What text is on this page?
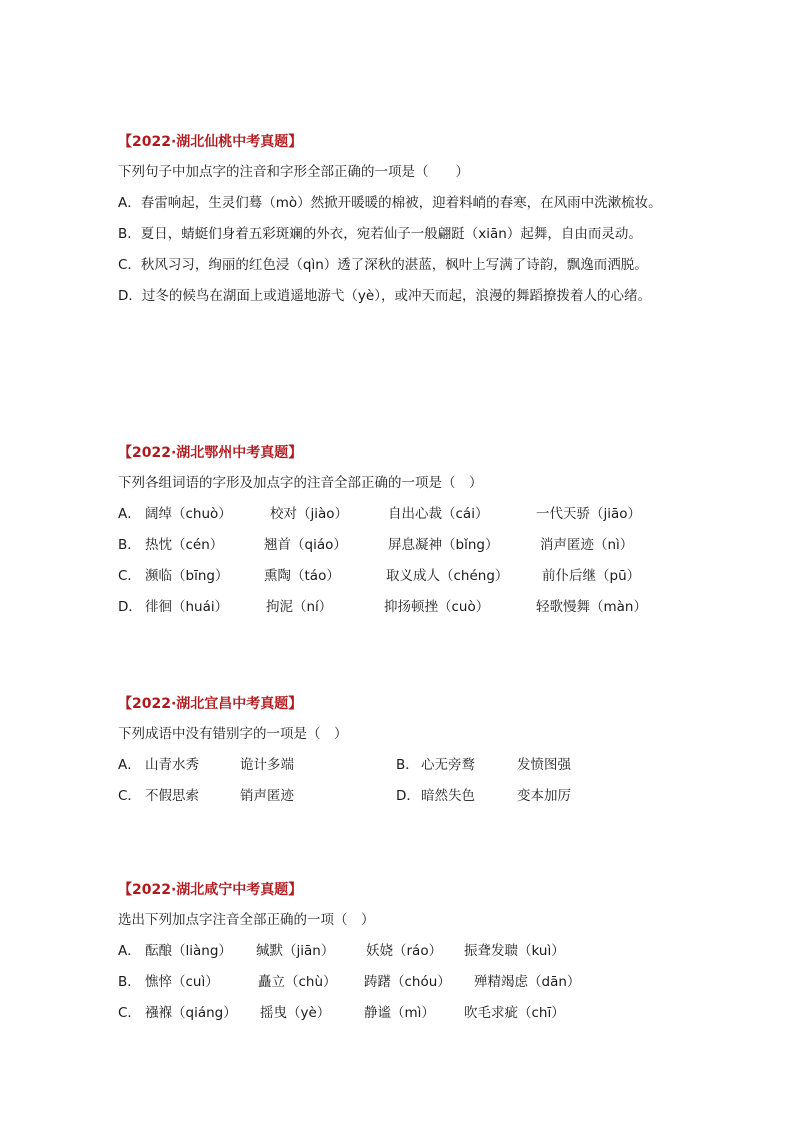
【2022·湖北仙桃中考真题】
下列句子中加点字的注音和字形全部正确的一项是（　　）
A．春雷响起，生灵们蓦（mò）然掀开暖暖的棉被，迎着料峭的春寒，在风雨中洗漱梳妆。
B．夏日，蜻蜓们身着五彩斑斓的外衣，宛若仙子一般翩跹（xiān）起舞，自由而灵动。
C．秋风习习，绚丽的红色浸（qìn）透了深秋的湛蓝，枫叶上写满了诗韵，飘逸而洒脱。
D．过冬的候鸟在湖面上或逍遥地游弋（yè），或冲天而起，浪漫的舞蹈撩拨着人的心绪。
【2022·湖北鄂州中考真题】
下列各组词语的字形及加点字的注音全部正确的一项是（　）
A． 阔绰（chuò）	校对（jiào）	自出心裁（cái）	一代天骄（jiāo）
B． 热忱（cén）	翘首（qiáo）	屏息凝神（bǐng）	消声匿迹（nì）
C． 濒临（bīng）	熏陶（táo）	取义成人（chéng） 前仆后继（pū）
D． 徘徊（huái）	拘泥（ní）	抑扬顿挫（cuò）	轻歌慢舞（màn）
【2022·湖北宜昌中考真题】
下列成语中没有错别字的一项是（　）
A． 山青水秀	诡计多端	B． 心无旁鹜	发愤图强
C． 不假思索	销声匿迹	D． 暗然失色	变本加厉
【2022·湖北咸宁中考真题】
选出下列加点字注音全部正确的一项（　）
A． 酝酿（liàng） 缄默（jiān） 妖娆（ráo） 振聋发聩（kuì）
B． 憔悴（cuì）	矗立（chù） 踌躇（chóu） 殚精竭虑（dān）
C． 襁褓（qiáng） 摇曳（yè） 静谧（mì） 吹毛求疵（chī）
